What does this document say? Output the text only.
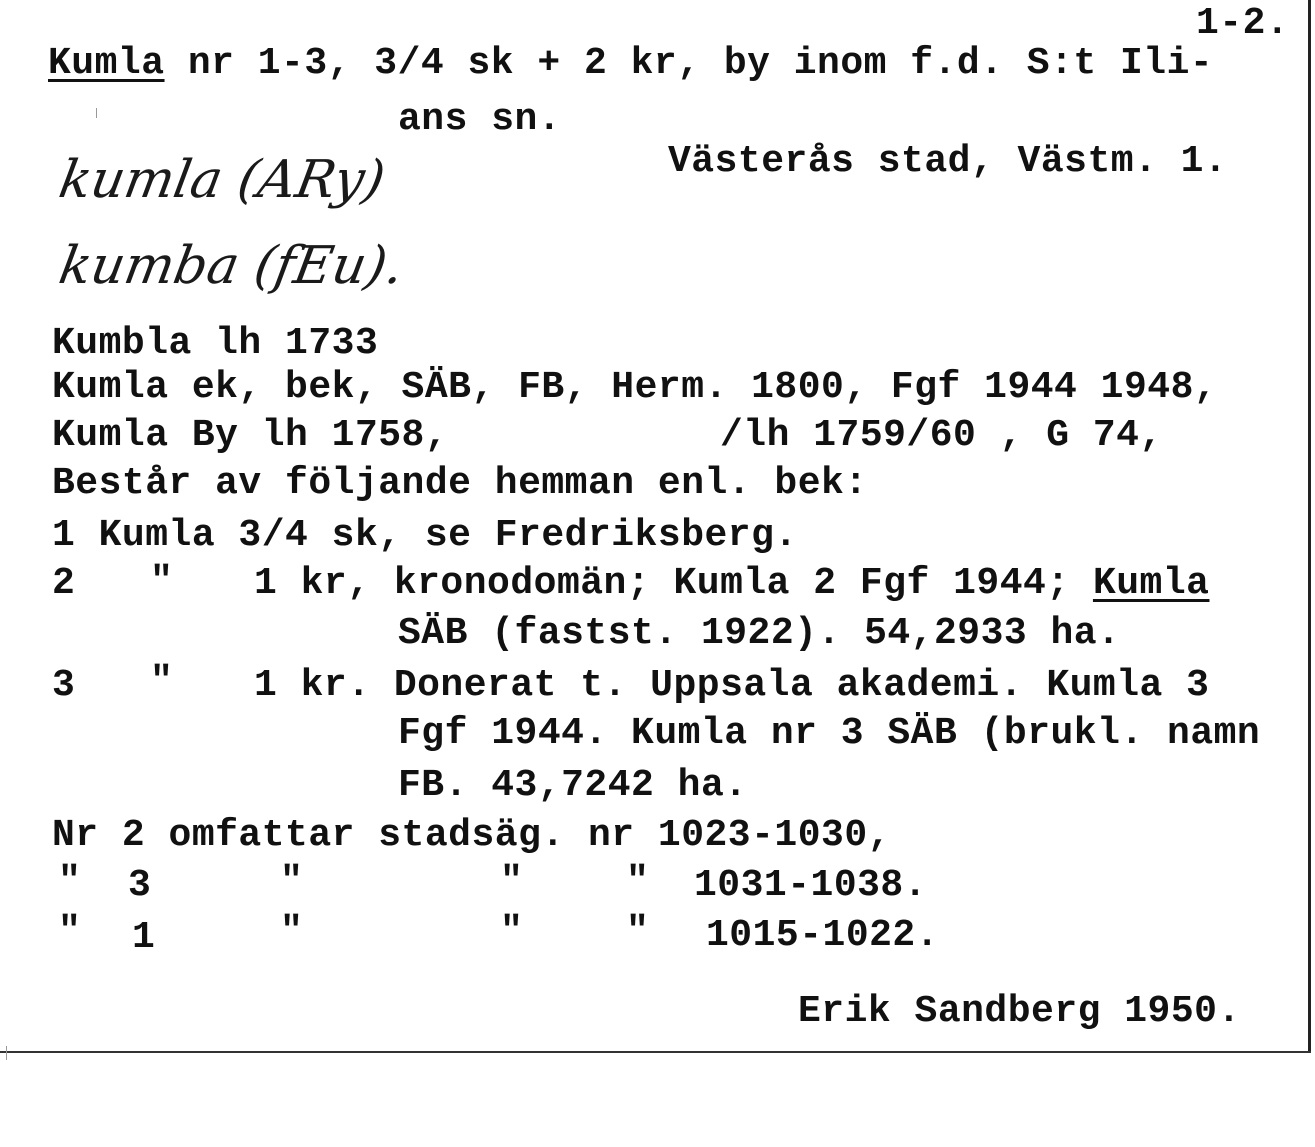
1-2.
Kumla nr 1-3, 3/4 sk + 2 kr, by inom f.d. S:t Ili-
ans sn.
Västerås stad, Västm. 1.
kumla (ARy)
kumba (fEu).
Kumbla lh 1733
Kumla ek, bek, SÄB, FB, Herm. 1800, Fgf 1944 1948,
Kumla By lh 1758,	/lh 1759/60 , G 74,
Består av följande hemman enl. bek:
1 Kumla 3/4 sk, se Fredriksberg.
2 " 1 kr, kronodomän; Kumla 2 Fgf 1944; Kumla
SÄB (fastst. 1922). 54,2933 ha.
3 " 1 kr. Donerat t. Uppsala akademi. Kumla 3
Fgf 1944. Kumla nr 3 SÄB (brukl. namn
FB. 43,7242 ha.
Nr 2 omfattar stadsäg. nr 1023-1030,
" 3	"	"	" 1031-1038.
" 1	"	"	" 1015-1022.
Erik Sandberg 1950.
